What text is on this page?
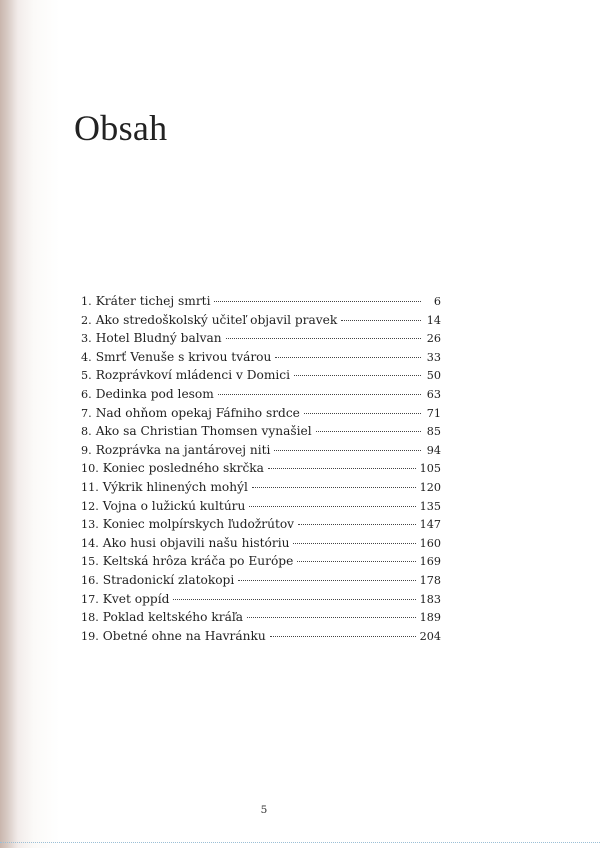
Obsah
1. Kráter tichej smrti	6
2. Ako stredoškolský učiteľ objavil pravek	14
3. Hotel Bludný balvan	26
4. Smrť Venuše s krivou tvárou	33
5. Rozprávkoví mládenci v Domici	50
6. Dedinka pod lesom	63
7. Nad ohňom opekaj Fáfniho srdce	71
8. Ako sa Christian Thomsen vynašiel	85
9. Rozprávka na jantárovej niti	94
10. Koniec posledného skrčka	105
11. Výkrik hlinených mohýl	120
12. Vojna o lužickú kultúru	135
13. Koniec molpírskych ľudožrútov	147
14. Ako husi objavili našu históriu	160
15. Keltská hrôza kráča po Európe	169
16. Stradonickí zlatokopi	178
17. Kvet oppíd	183
18. Poklad keltského kráľa	189
19. Obetné ohne na Havránku	204
5
